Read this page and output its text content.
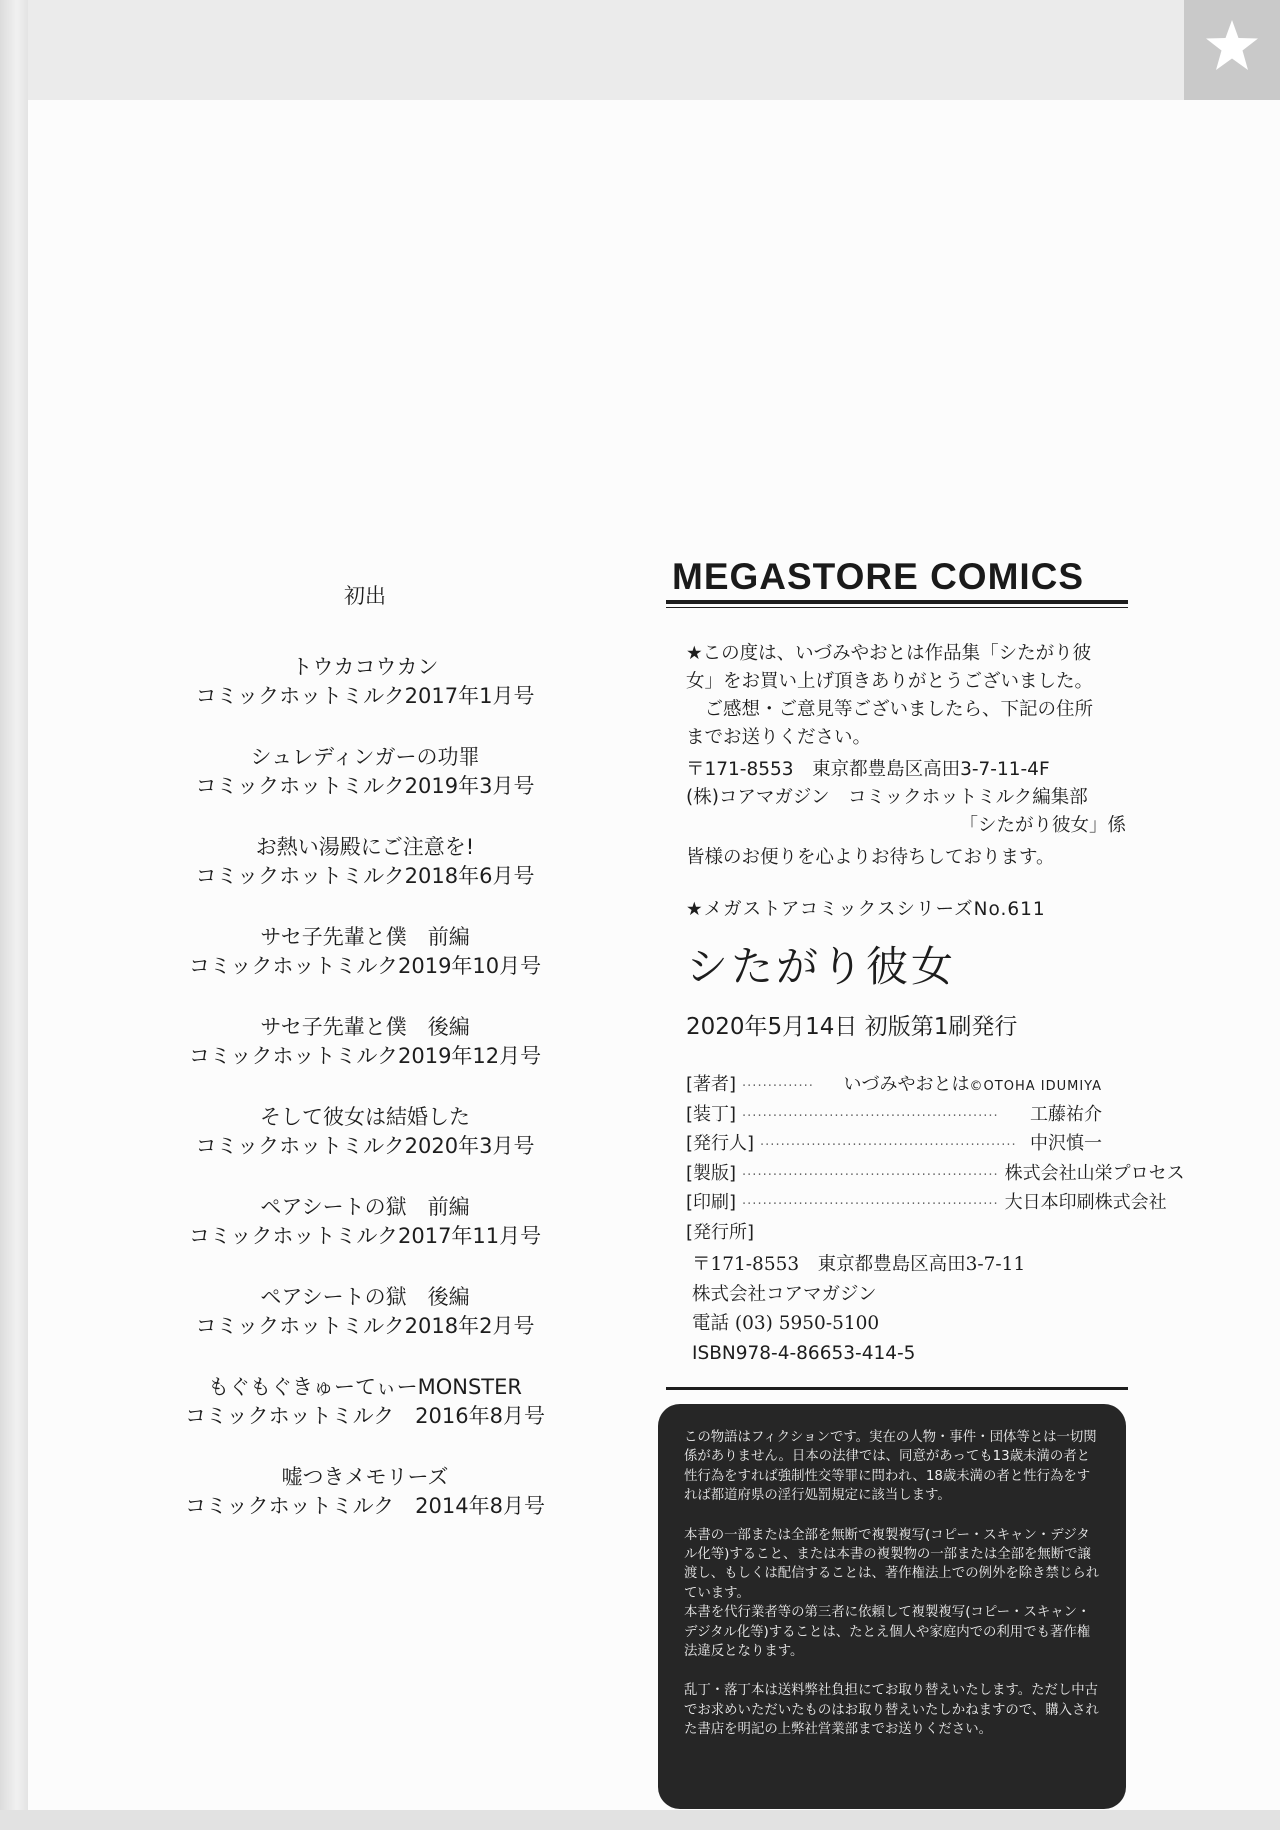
初出

トウカコウカン
コミックホットミルク2017年1月号
シュレディンガーの功罪
コミックホットミルク2019年3月号
お熱い湯殿にご注意を!
コミックホットミルク2018年6月号
サセ子先輩と僕　前編
コミックホットミルク2019年10月号
サセ子先輩と僕　後編
コミックホットミルク2019年12月号
そして彼女は結婚した
コミックホットミルク2020年3月号
ペアシートの獄　前編
コミックホットミルク2017年11月号
ペアシートの獄　後編
コミックホットミルク2018年2月号
もぐもぐきゅーてぃーMONSTER
コミックホットミルク　2016年8月号
嘘つきメモリーズ
コミックホットミルク　2014年8月号
MEGASTORE COMICS

★この度は、いづみやおとは作品集「シたがり彼

女」をお買い上げ頂きありがとうございました。

　ご感想・ご意見等ございましたら、下記の住所

までお送りください。

〒171-8553　東京都豊島区高田3-7-11-4F

(株)コアマガジン　コミックホットミルク編集部

「シたがり彼女」係

皆様のお便りを心よりお待ちしております。
★メガストアコミックスシリーズNo.611
シたがり彼女
2020年5月14日 初版第1刷発行
[著者] ··············	いづみやおとは ©OTOHA IDUMIYA
[装丁] ··················································	工藤祐介
[発行人] ·················································· 中沢慎一
[製版] ·················································· 株式会社山栄プロセス
[印刷] ·················································· 大日本印刷株式会社
[発行所]

〒171-8553　東京都豊島区高田3-7-11

株式会社コアマガジン

電話 (03) 5950-5100

ISBN978-4-86653-414-5

この物語はフィクションです。実在の人物・事件・団体等とは一切関係がありません。日本の法律では、同意があっても13歳未満の者と性行為をすれば強制性交等罪に問われ、18歳未満の者と性行為をすれば都道府県の淫行処罰規定に該当します。

本書の一部または全部を無断で複製複写(コピー・スキャン・デジタル化等)すること、または本書の複製物の一部または全部を無断で譲渡し、もしくは配信することは、著作権法上での例外を除き禁じられています。

本書を代行業者等の第三者に依頼して複製複写(コピー・スキャン・デジタル化等)することは、たとえ個人や家庭内での利用でも著作権法違反となります。

乱丁・落丁本は送料弊社負担にてお取り替えいたします。ただし中古でお求めいただいたものはお取り替えいたしかねますので、購入された書店を明記の上弊社営業部までお送りください。
